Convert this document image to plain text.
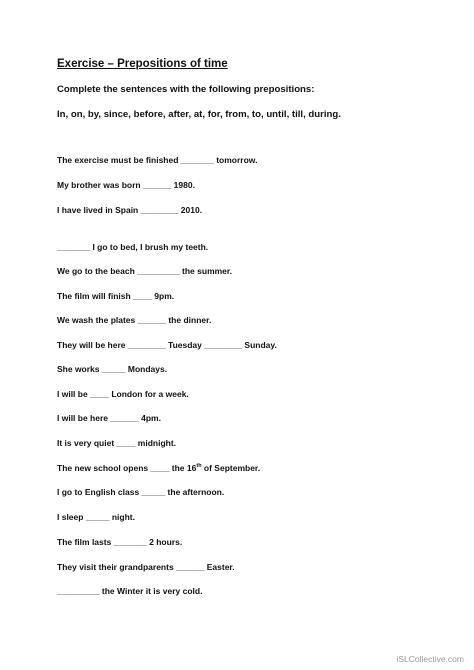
Exercise – Prepositions of time
Complete the sentences with the following prepositions:
In, on, by, since, before, after, at, for, from, to, until, till, during.
The exercise must be finished _______ tomorrow.
My brother was born ______ 1980.
I have lived in Spain ________ 2010.
_______ I go to bed, I brush my teeth.
We go to the beach _________ the summer.
The film will finish ____ 9pm.
We wash the plates ______ the dinner.
They will be here ________ Tuesday ________ Sunday.
She works _____ Mondays.
I will be ____ London for a week.
I will be here ______ 4pm.
It is very quiet ____ midnight.
The new school opens ____ the 16th of September.
I go to English class _____ the afternoon.
I sleep _____ night.
The film lasts _______ 2 hours.
They visit their grandparents ______ Easter.
_________ the Winter it is very cold.
iSLCollective.com
